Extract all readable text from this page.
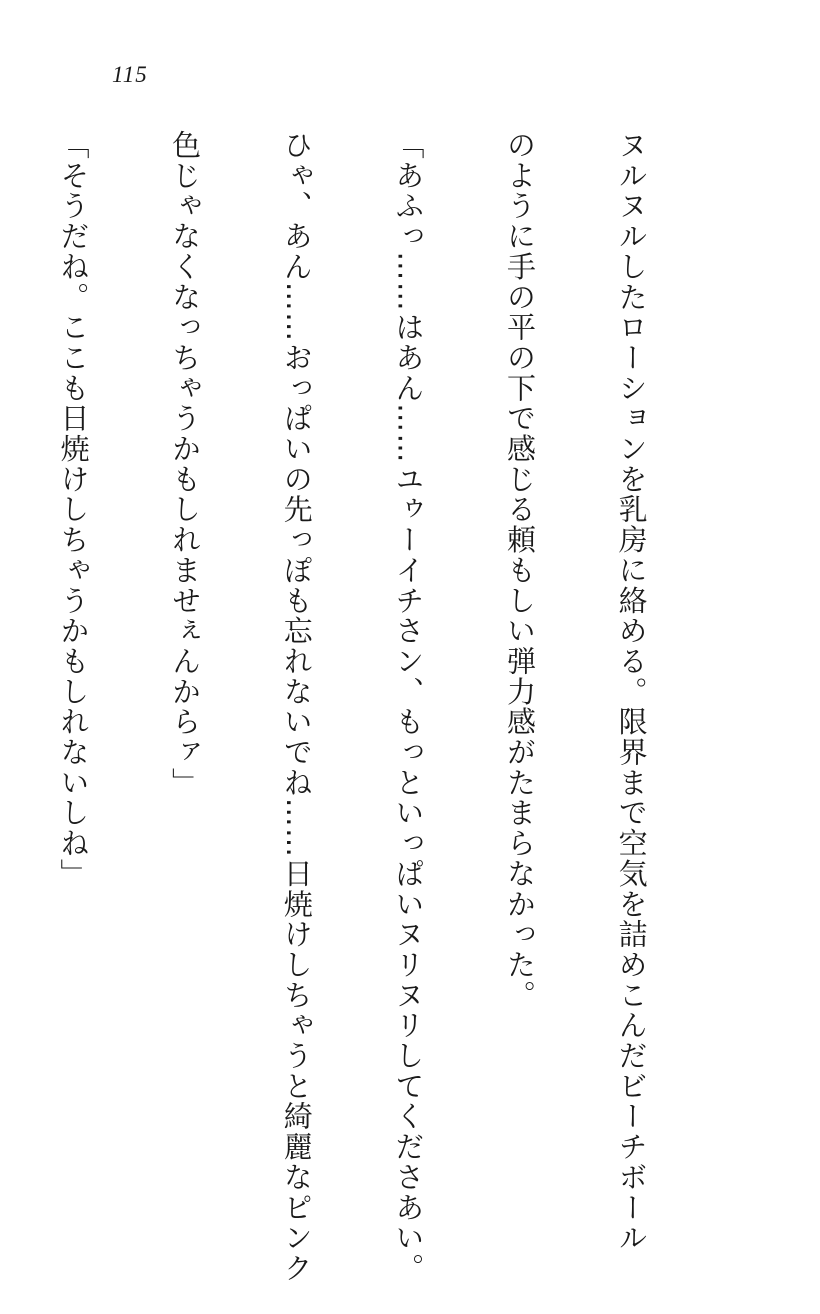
115

ヌルヌルしたローションを乳房に絡める。限界まで空気を詰めこんだビーチボール

のように手の平の下で感じる頼もしい弾力感がたまらなかった。

「あふっ……はあん……ユゥーイチさン、もっといっぱいヌリヌリしてくださあい。

ひゃ、あん……おっぱいの先っぽも忘れないでね……日焼けしちゃうと綺麗なピンク

色じゃなくなっちゃうかもしれませぇんからァ」

「そうだね。ここも日焼けしちゃうかもしれないしね」
